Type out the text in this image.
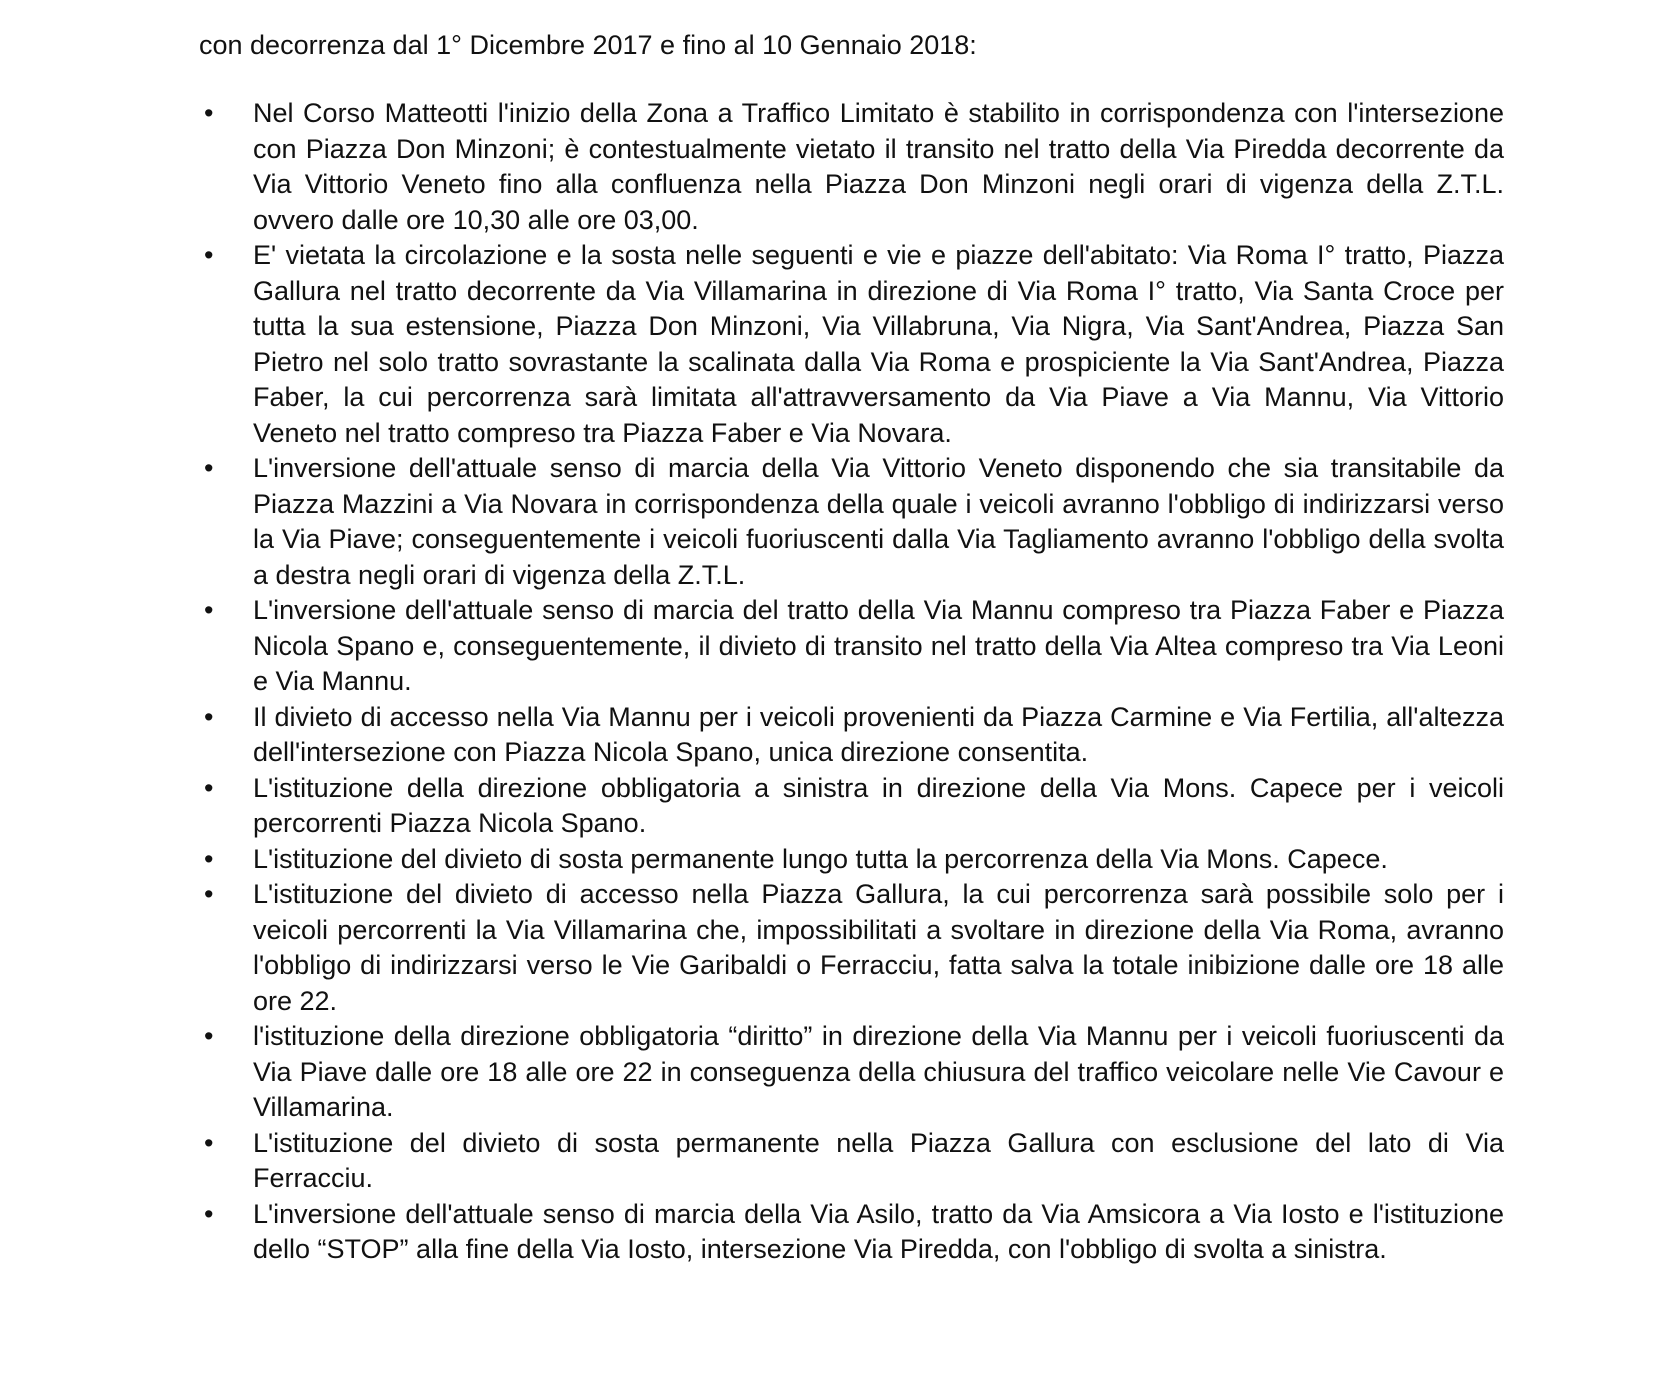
con decorrenza dal 1° Dicembre 2017 e fino al 10 Gennaio 2018:
• Nel Corso Matteotti l'inizio della Zona a Traffico Limitato è stabilito in corrispondenza con l'intersezione con Piazza Don Minzoni; è contestualmente vietato il transito nel tratto della Via Piredda decorrente da Via Vittorio Veneto fino alla confluenza nella Piazza Don Minzoni negli orari di vigenza della Z.T.L. ovvero dalle ore 10,30 alle ore 03,00.
• E' vietata la circolazione e la sosta nelle seguenti e vie e piazze dell'abitato: Via Roma I° tratto, Piazza Gallura nel tratto decorrente da Via Villamarina in direzione di Via Roma I° tratto, Via Santa Croce per tutta la sua estensione, Piazza Don Minzoni, Via Villabruna, Via Nigra, Via Sant'Andrea, Piazza San Pietro nel solo tratto sovrastante la scalinata dalla Via Roma e prospiciente la Via Sant'Andrea, Piazza Faber, la cui percorrenza sarà limitata all'attravversamento da Via Piave a Via Mannu, Via Vittorio Veneto nel tratto compreso tra Piazza Faber e Via Novara.
• L'inversione dell'attuale senso di marcia della Via Vittorio Veneto disponendo che sia transitabile da Piazza Mazzini a Via Novara in corrispondenza della quale i veicoli avranno l'obbligo di indirizzarsi verso la Via Piave; conseguentemente i veicoli fuoriuscenti dalla Via Tagliamento avranno l'obbligo della svolta a destra negli orari di vigenza della Z.T.L.
• L'inversione dell'attuale senso di marcia del tratto della Via Mannu compreso tra Piazza Faber e Piazza Nicola Spano e, conseguentemente, il divieto di transito nel tratto della Via Altea compreso tra Via Leoni e Via Mannu.
• Il divieto di accesso nella Via Mannu per i veicoli provenienti da Piazza Carmine e Via Fertilia, all'altezza dell'intersezione con Piazza Nicola Spano, unica direzione consentita.
• L'istituzione della direzione obbligatoria a sinistra in direzione della Via Mons. Capece per i veicoli percorrenti Piazza Nicola Spano.
• L'istituzione del divieto di sosta permanente lungo tutta la percorrenza della Via Mons. Capece.
• L'istituzione del divieto di accesso nella Piazza Gallura, la cui percorrenza sarà possibile solo per i veicoli percorrenti la Via Villamarina che, impossibilitati a svoltare in direzione della Via Roma, avranno l'obbligo di indirizzarsi verso le Vie Garibaldi o Ferracciu, fatta salva la totale inibizione dalle ore 18 alle ore 22.
• l'istituzione della direzione obbligatoria “diritto” in direzione della Via Mannu per i veicoli fuoriuscenti da Via Piave dalle ore 18 alle ore 22 in conseguenza della chiusura del traffico veicolare nelle Vie Cavour e Villamarina.
• L'istituzione del divieto di sosta permanente nella Piazza Gallura con esclusione del lato di Via Ferracciu.
• L'inversione dell'attuale senso di marcia della Via Asilo, tratto da Via Amsicora a Via Iosto e l'istituzione dello “STOP” alla fine della Via Iosto, intersezione Via Piredda, con l'obbligo di svolta a sinistra.
